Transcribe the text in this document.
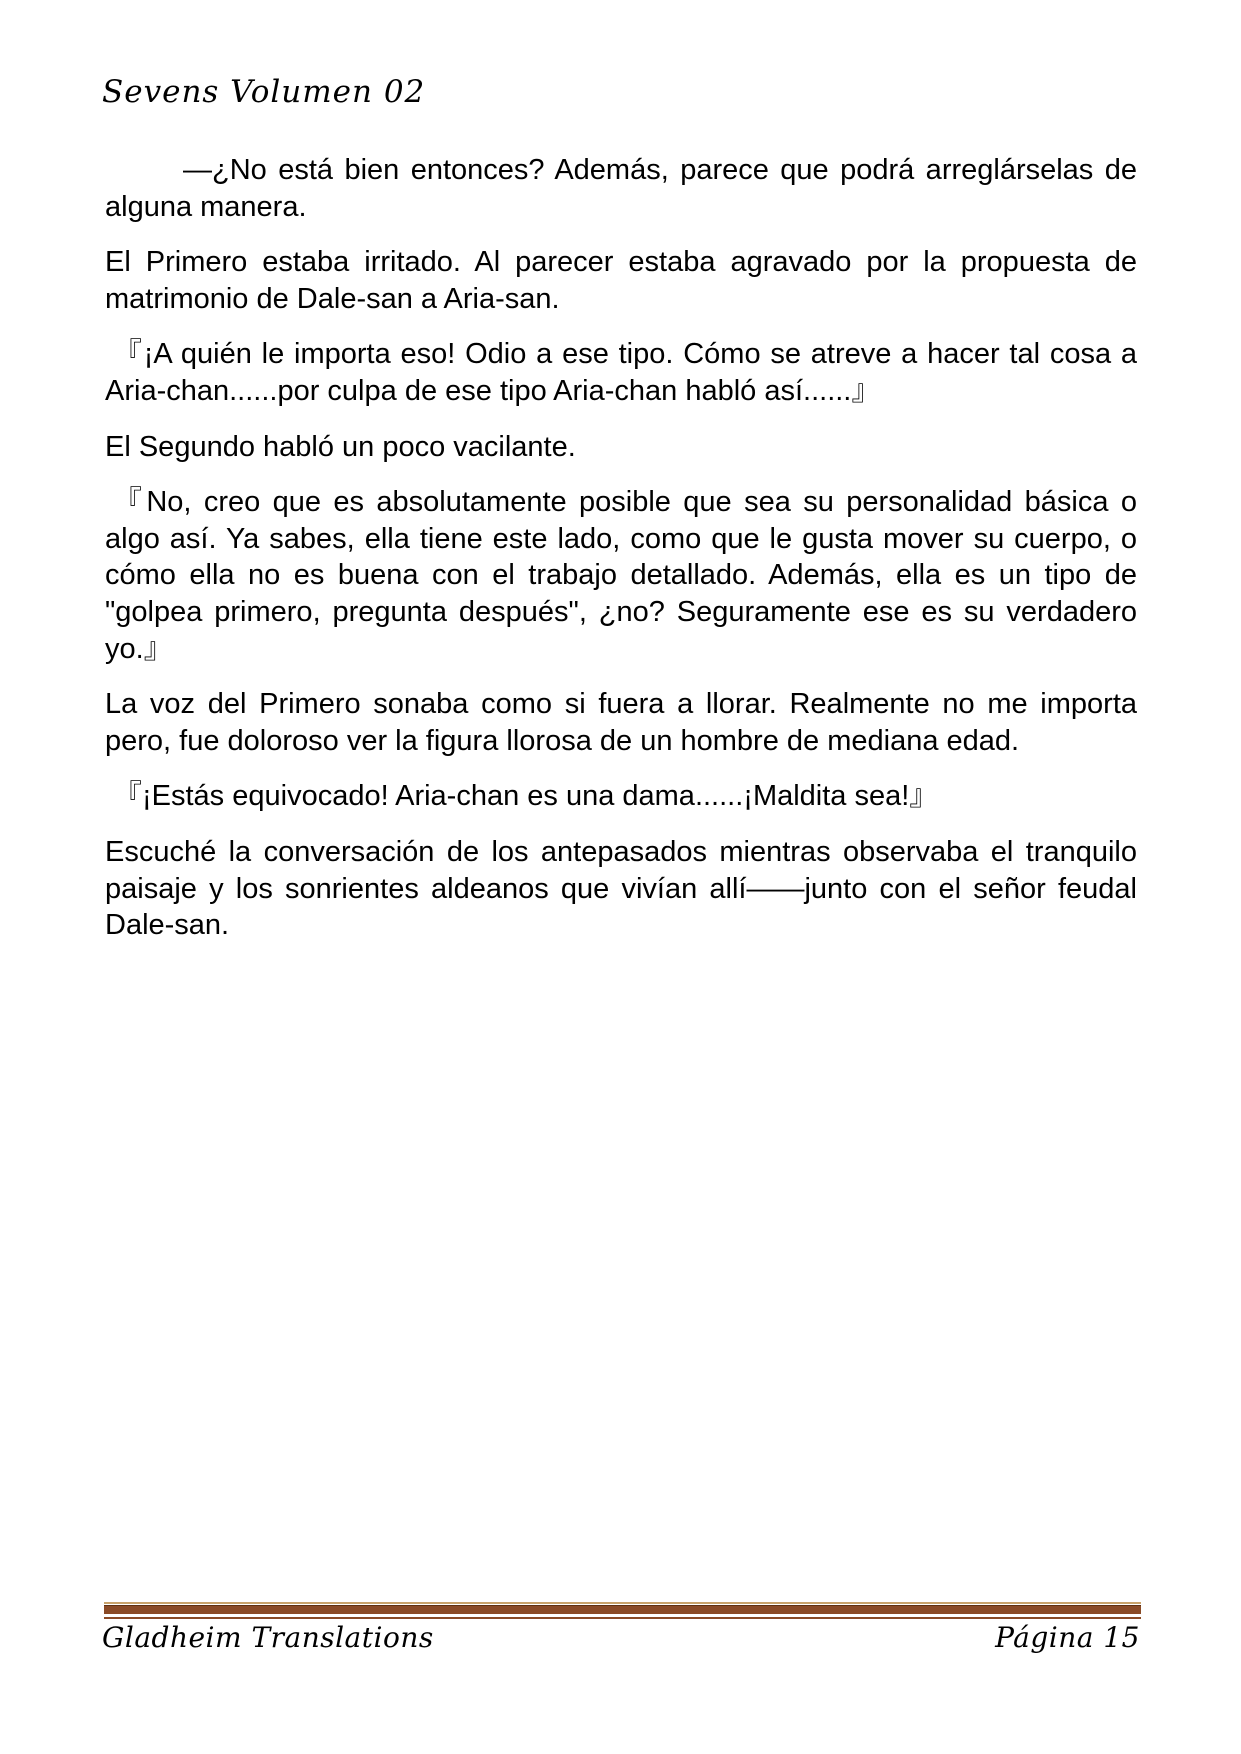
Sevens Volumen 02

—¿No está bien entonces? Además, parece que podrá arreglárselas de alguna manera.

El Primero estaba irritado. Al parecer estaba agravado por la propuesta de matrimonio de Dale-san a Aria-san.

『¡A quién le importa eso! Odio a ese tipo. Cómo se atreve a hacer tal cosa a Aria-chan......por culpa de ese tipo Aria-chan habló así......』

El Segundo habló un poco vacilante.

『No, creo que es absolutamente posible que sea su personalidad básica o algo así. Ya sabes, ella tiene este lado, como que le gusta mover su cuerpo, o cómo ella no es buena con el trabajo detallado. Además, ella es un tipo de "golpea primero, pregunta después", ¿no? Seguramente ese es su verdadero yo.』

La voz del Primero sonaba como si fuera a llorar. Realmente no me importa pero, fue doloroso ver la figura llorosa de un hombre de mediana edad.

『¡Estás equivocado! Aria-chan es una dama......¡Maldita sea!』

Escuché la conversación de los antepasados mientras observaba el tranquilo paisaje y los sonrientes aldeanos que vivían allí——junto con el señor feudal Dale-san.

Gladheim Translations	Página 15
